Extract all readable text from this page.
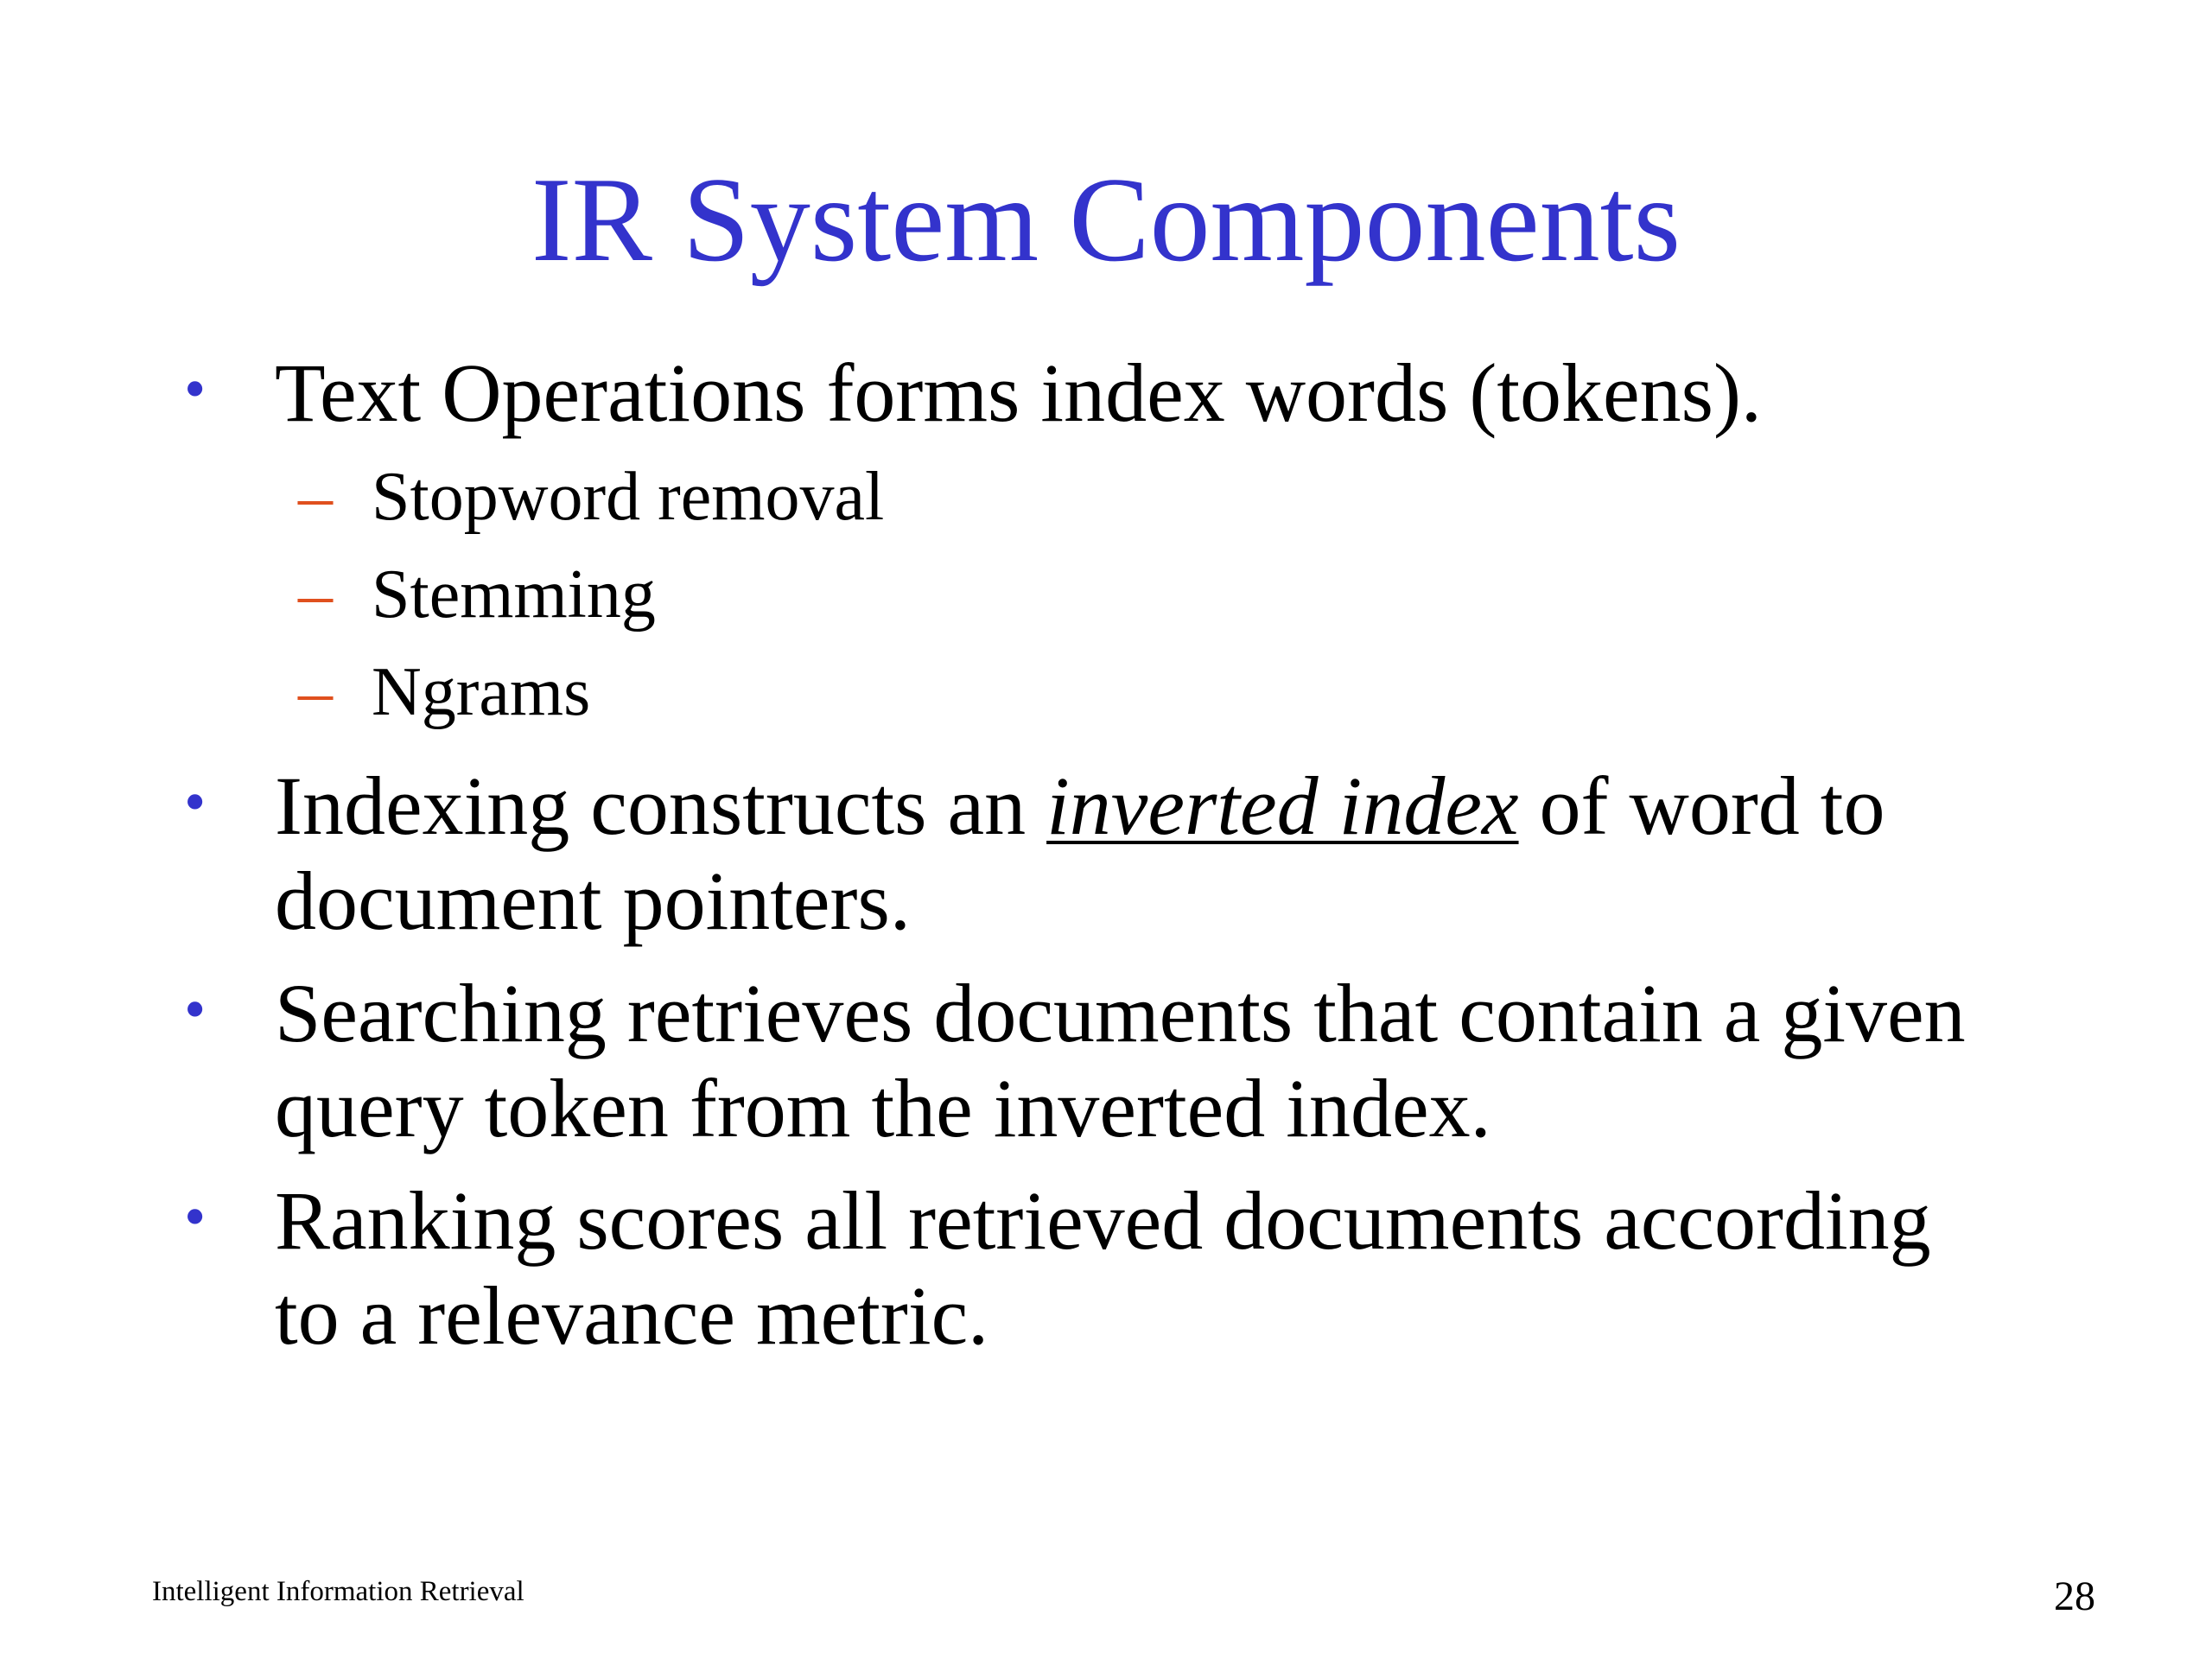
IR System Components
• Text Operations forms index words (tokens).
– Stopword removal
– Stemming
– Ngrams
• Indexing constructs an inverted index of word to
document pointers.
• Searching retrieves documents that contain a given
query token from the inverted index.
• Ranking scores all retrieved documents according
to a relevance metric.
Intelligent Information Retrieval	28
